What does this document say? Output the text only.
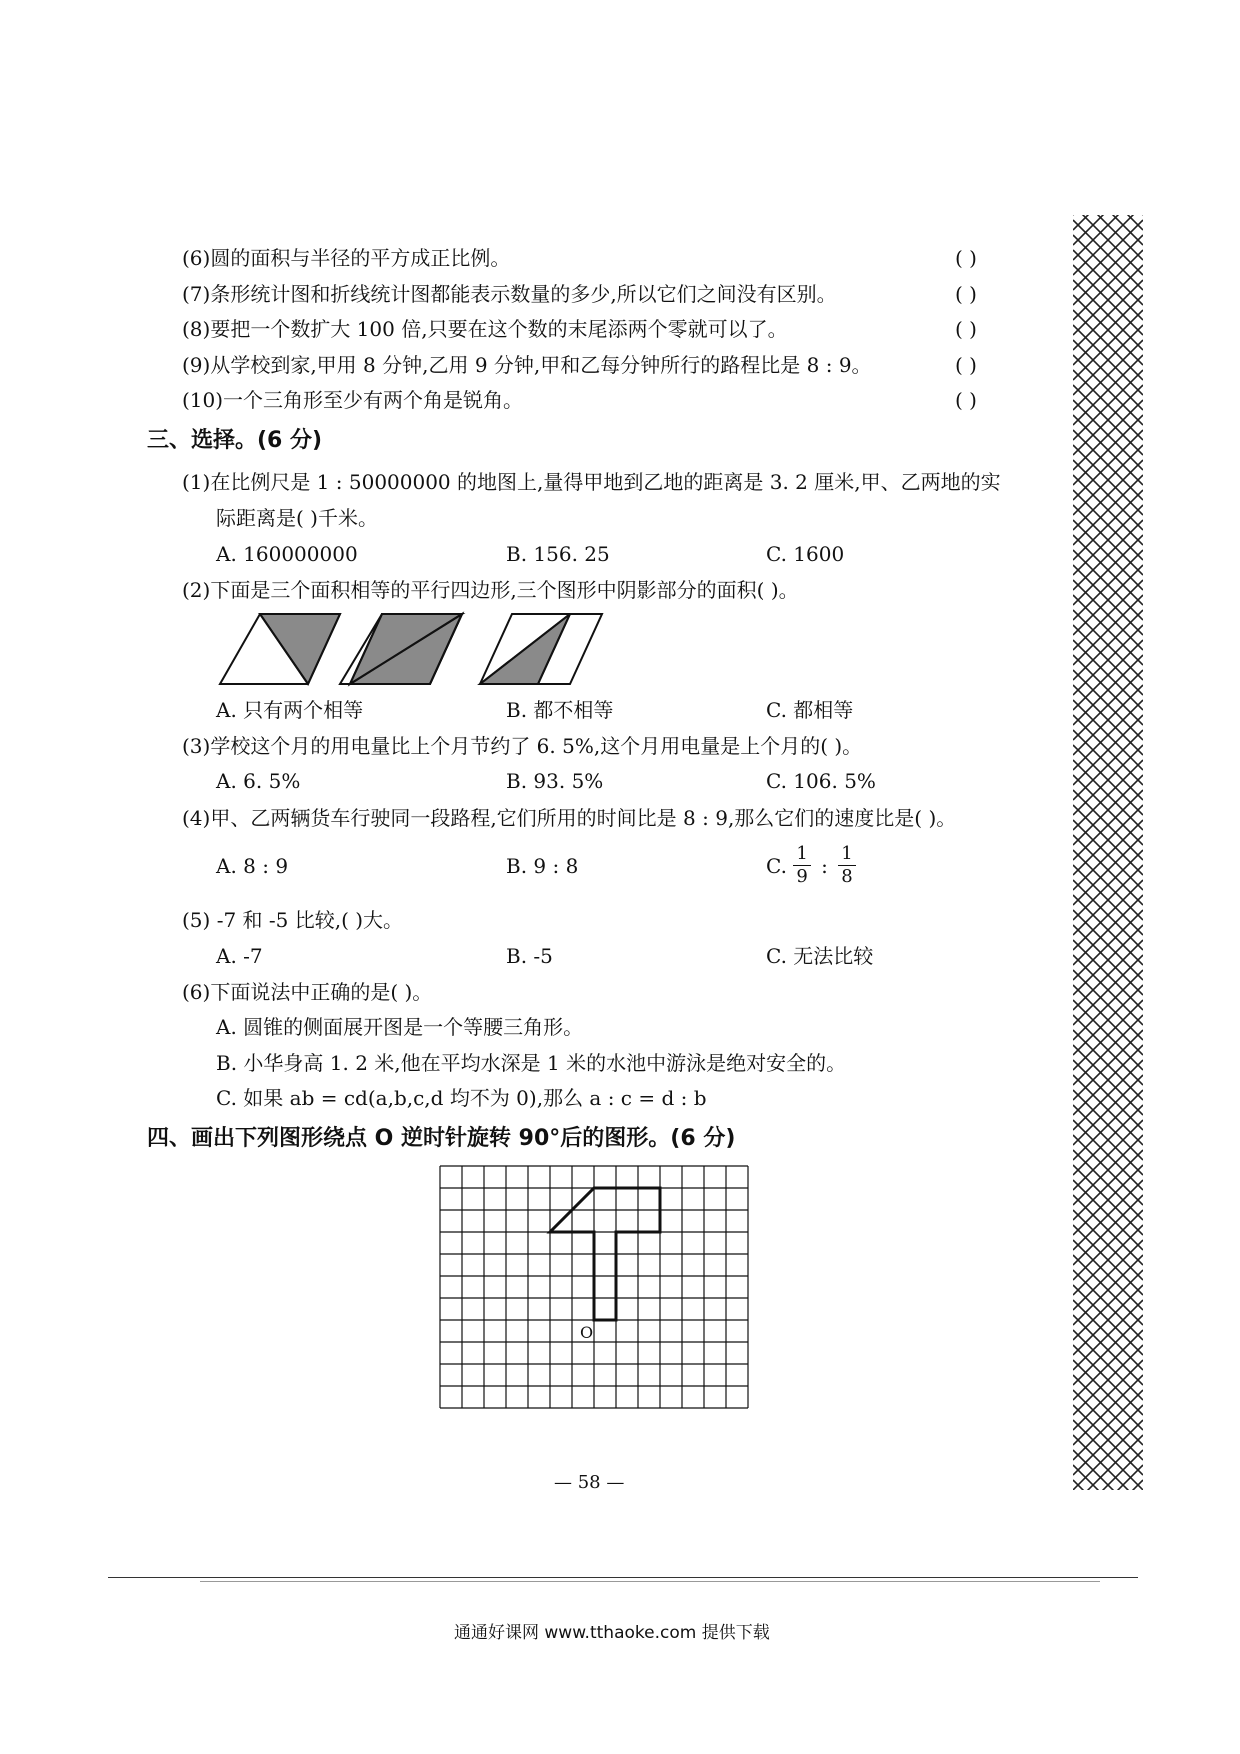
(6)圆的面积与半径的平方成正比例。	( )
(7)条形统计图和折线统计图都能表示数量的多少,所以它们之间没有区别。	( )
(8)要把一个数扩大 100 倍,只要在这个数的末尾添两个零就可以了。	( )
(9)从学校到家,甲用 8 分钟,乙用 9 分钟,甲和乙每分钟所行的路程比是 8 : 9。	( )
(10)一个三角形至少有两个角是锐角。	( )
三、选择。(6 分)
(1)在比例尺是 1 : 50000000 的地图上,量得甲地到乙地的距离是 3. 2 厘米,甲、乙两地的实
际距离是( )千米。
A. 160000000	B. 156. 25	C. 1600
(2)下面是三个面积相等的平行四边形,三个图形中阴影部分的面积( )。
A. 只有两个相等	B. 都不相等	C. 都相等
(3)学校这个月的用电量比上个月节约了 6. 5%,这个月用电量是上个月的( )。
A. 6. 5%	B. 93. 5%	C. 106. 5%
(4)甲、乙两辆货车行驶同一段路程,它们所用的时间比是 8 : 9,那么它们的速度比是( )。
A. 8 : 9	B. 9 : 8	C. $\frac{1}{9}$ : $\frac{1}{8}$
(5) -7 和 -5 比较,( )大。
A. -7	B. -5	C. 无法比较
(6)下面说法中正确的是( )。
A. 圆锥的侧面展开图是一个等腰三角形。
B. 小华身高 1. 2 米,他在平均水深是 1 米的水池中游泳是绝对安全的。
C. 如果 ab = cd(a,b,c,d 均不为 0),那么 a : c = d : b
四、画出下列图形绕点 O 逆时针旋转 90°后的图形。(6 分)
O
— 58 —
通通好课网 www.tthaoke.com 提供下载
